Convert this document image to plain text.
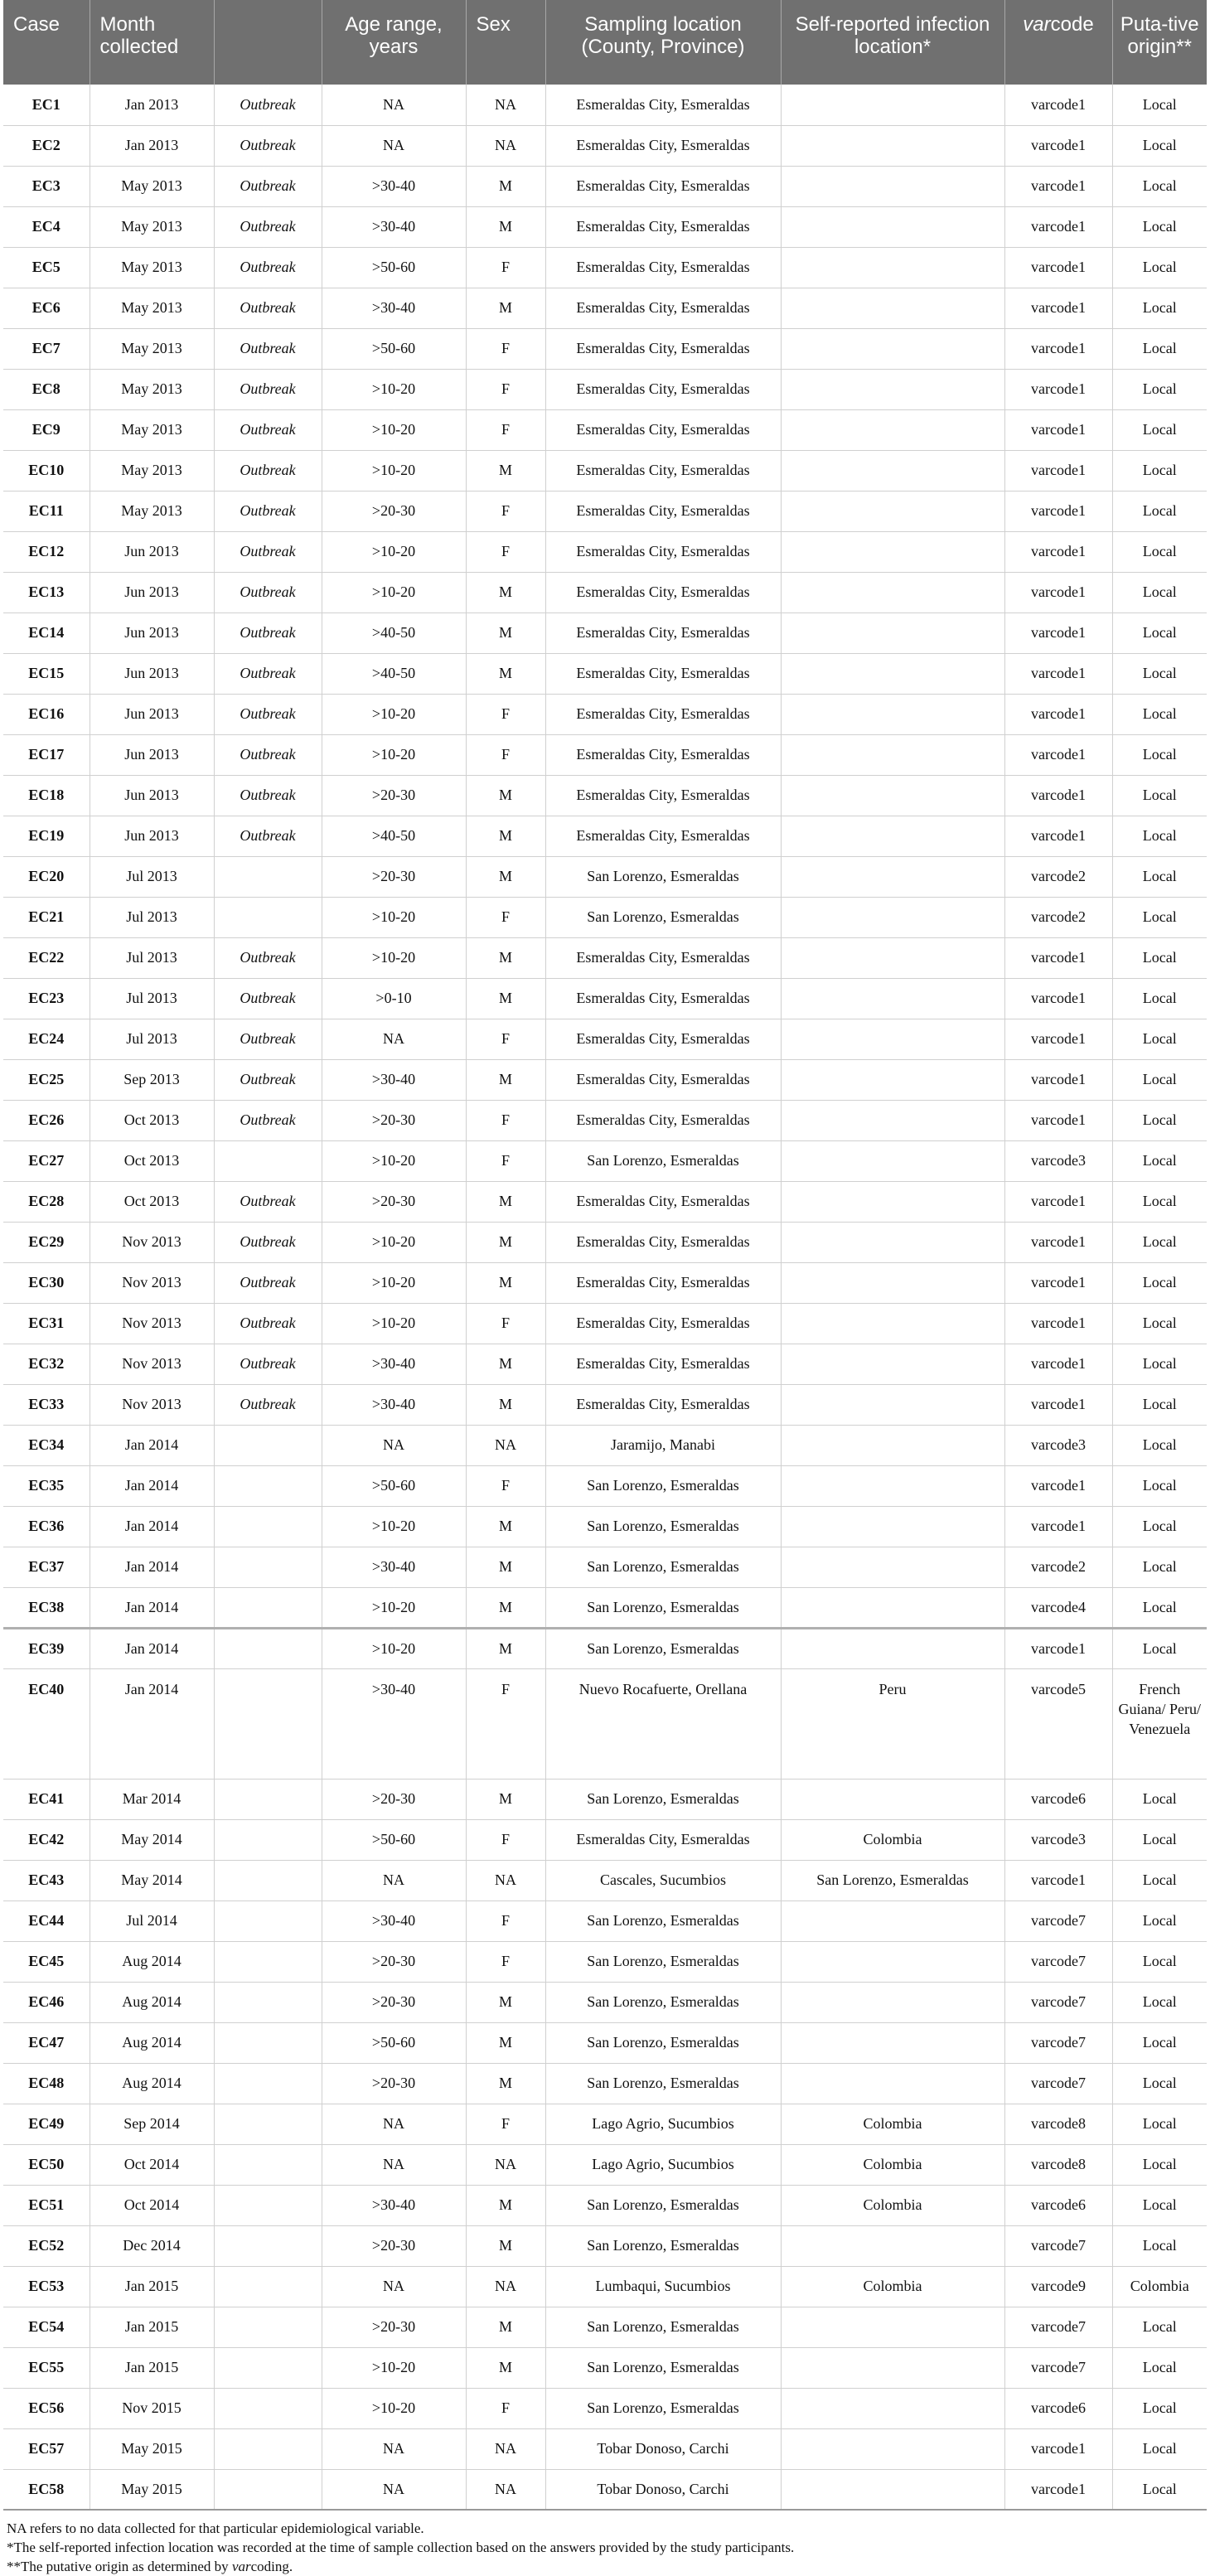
Case	Month collected		Age range, years	Sex	Sampling location (County, Province)	Self-reported infection location*	varcode	Puta-tive origin**
EC1	Jan 2013	Outbreak	NA	NA	Esmeraldas City, Esmeraldas		varcode1	Local
EC2	Jan 2013	Outbreak	NA	NA	Esmeraldas City, Esmeraldas		varcode1	Local
EC3	May 2013	Outbreak	>30-40	M	Esmeraldas City, Esmeraldas		varcode1	Local
EC4	May 2013	Outbreak	>30-40	M	Esmeraldas City, Esmeraldas		varcode1	Local
EC5	May 2013	Outbreak	>50-60	F	Esmeraldas City, Esmeraldas		varcode1	Local
EC6	May 2013	Outbreak	>30-40	M	Esmeraldas City, Esmeraldas		varcode1	Local
EC7	May 2013	Outbreak	>50-60	F	Esmeraldas City, Esmeraldas		varcode1	Local
EC8	May 2013	Outbreak	>10-20	F	Esmeraldas City, Esmeraldas		varcode1	Local
EC9	May 2013	Outbreak	>10-20	F	Esmeraldas City, Esmeraldas		varcode1	Local
EC10	May 2013	Outbreak	>10-20	M	Esmeraldas City, Esmeraldas		varcode1	Local
EC11	May 2013	Outbreak	>20-30	F	Esmeraldas City, Esmeraldas		varcode1	Local
EC12	Jun 2013	Outbreak	>10-20	F	Esmeraldas City, Esmeraldas		varcode1	Local
EC13	Jun 2013	Outbreak	>10-20	M	Esmeraldas City, Esmeraldas		varcode1	Local
EC14	Jun 2013	Outbreak	>40-50	M	Esmeraldas City, Esmeraldas		varcode1	Local
EC15	Jun 2013	Outbreak	>40-50	M	Esmeraldas City, Esmeraldas		varcode1	Local
EC16	Jun 2013	Outbreak	>10-20	F	Esmeraldas City, Esmeraldas		varcode1	Local
EC17	Jun 2013	Outbreak	>10-20	F	Esmeraldas City, Esmeraldas		varcode1	Local
EC18	Jun 2013	Outbreak	>20-30	M	Esmeraldas City, Esmeraldas		varcode1	Local
EC19	Jun 2013	Outbreak	>40-50	M	Esmeraldas City, Esmeraldas		varcode1	Local
EC20	Jul 2013		>20-30	M	San Lorenzo, Esmeraldas		varcode2	Local
EC21	Jul 2013		>10-20	F	San Lorenzo, Esmeraldas		varcode2	Local
EC22	Jul 2013	Outbreak	>10-20	M	Esmeraldas City, Esmeraldas		varcode1	Local
EC23	Jul 2013	Outbreak	>0-10	M	Esmeraldas City, Esmeraldas		varcode1	Local
EC24	Jul 2013	Outbreak	NA	F	Esmeraldas City, Esmeraldas		varcode1	Local
EC25	Sep 2013	Outbreak	>30-40	M	Esmeraldas City, Esmeraldas		varcode1	Local
EC26	Oct 2013	Outbreak	>20-30	F	Esmeraldas City, Esmeraldas		varcode1	Local
EC27	Oct 2013		>10-20	F	San Lorenzo, Esmeraldas		varcode3	Local
EC28	Oct 2013	Outbreak	>20-30	M	Esmeraldas City, Esmeraldas		varcode1	Local
EC29	Nov 2013	Outbreak	>10-20	M	Esmeraldas City, Esmeraldas		varcode1	Local
EC30	Nov 2013	Outbreak	>10-20	M	Esmeraldas City, Esmeraldas		varcode1	Local
EC31	Nov 2013	Outbreak	>10-20	F	Esmeraldas City, Esmeraldas		varcode1	Local
EC32	Nov 2013	Outbreak	>30-40	M	Esmeraldas City, Esmeraldas		varcode1	Local
EC33	Nov 2013	Outbreak	>30-40	M	Esmeraldas City, Esmeraldas		varcode1	Local
EC34	Jan 2014		NA	NA	Jaramijo, Manabi		varcode3	Local
EC35	Jan 2014		>50-60	F	San Lorenzo, Esmeraldas		varcode1	Local
EC36	Jan 2014		>10-20	M	San Lorenzo, Esmeraldas		varcode1	Local
EC37	Jan 2014		>30-40	M	San Lorenzo, Esmeraldas		varcode2	Local
EC38	Jan 2014		>10-20	M	San Lorenzo, Esmeraldas		varcode4	Local
EC39	Jan 2014		>10-20	M	San Lorenzo, Esmeraldas		varcode1	Local
EC40	Jan 2014		>30-40	F	Nuevo Rocafuerte, Orellana	Peru	varcode5	French Guiana/ Peru/ Venezuela
EC41	Mar 2014		>20-30	M	San Lorenzo, Esmeraldas		varcode6	Local
EC42	May 2014		>50-60	F	Esmeraldas City, Esmeraldas	Colombia	varcode3	Local
EC43	May 2014		NA	NA	Cascales, Sucumbios	San Lorenzo, Esmeraldas	varcode1	Local
EC44	Jul 2014		>30-40	F	San Lorenzo, Esmeraldas		varcode7	Local
EC45	Aug 2014		>20-30	F	San Lorenzo, Esmeraldas		varcode7	Local
EC46	Aug 2014		>20-30	M	San Lorenzo, Esmeraldas		varcode7	Local
EC47	Aug 2014		>50-60	M	San Lorenzo, Esmeraldas		varcode7	Local
EC48	Aug 2014		>20-30	M	San Lorenzo, Esmeraldas		varcode7	Local
EC49	Sep 2014		NA	F	Lago Agrio, Sucumbios	Colombia	varcode8	Local
EC50	Oct 2014		NA	NA	Lago Agrio, Sucumbios	Colombia	varcode8	Local
EC51	Oct 2014		>30-40	M	San Lorenzo, Esmeraldas	Colombia	varcode6	Local
EC52	Dec 2014		>20-30	M	San Lorenzo, Esmeraldas		varcode7	Local
EC53	Jan 2015		NA	NA	Lumbaqui, Sucumbios	Colombia	varcode9	Colombia
EC54	Jan 2015		>20-30	M	San Lorenzo, Esmeraldas		varcode7	Local
EC55	Jan 2015		>10-20	M	San Lorenzo, Esmeraldas		varcode7	Local
EC56	Nov 2015		>10-20	F	San Lorenzo, Esmeraldas		varcode6	Local
EC57	May 2015		NA	NA	Tobar Donoso, Carchi		varcode1	Local
EC58	May 2015		NA	NA	Tobar Donoso, Carchi		varcode1	Local
NA refers to no data collected for that particular epidemiological variable.
*The self-reported infection location was recorded at the time of sample collection based on the answers provided by the study participants.
**The putative origin as determined by varcoding.
